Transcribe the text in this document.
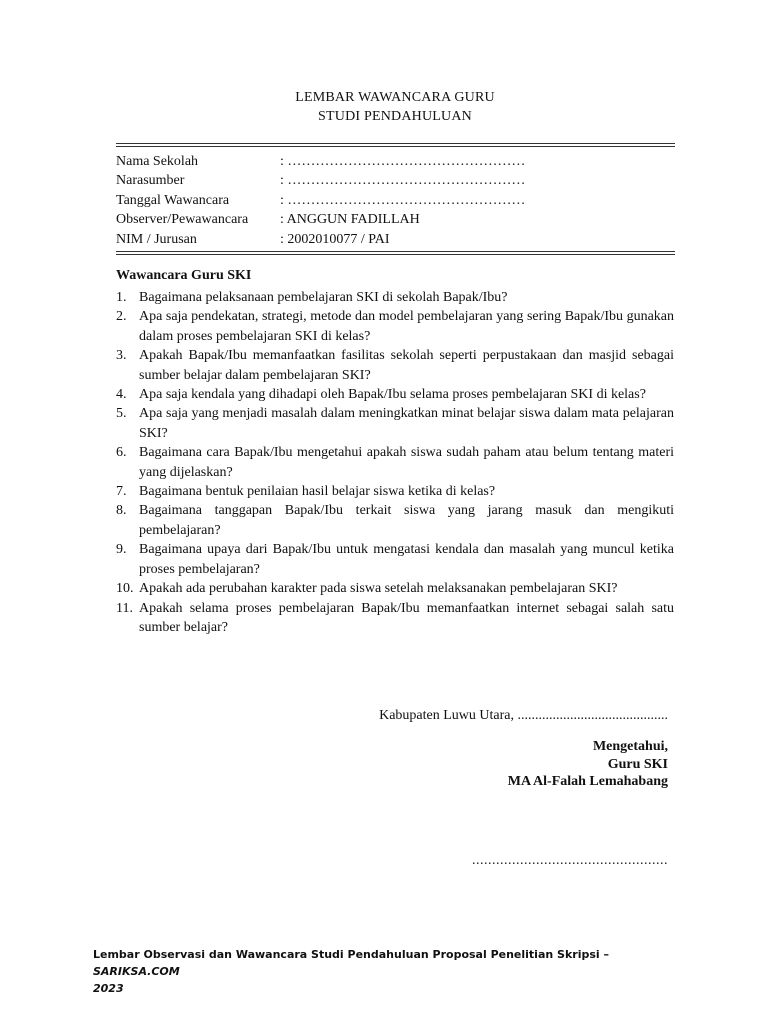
LEMBAR WAWANCARA GURU
STUDI PENDAHULUAN
Nama Sekolah	: ……………………………………………
Narasumber	: ……………………………………………
Tanggal Wawancara	: ……………………………………………
Observer/Pewawancara	: ANGGUN FADILLAH
NIM / Jurusan	: 2002010077 / PAI
Wawancara Guru SKI
1. Bagaimana pelaksanaan pembelajaran SKI di sekolah Bapak/Ibu?
2. Apa saja pendekatan, strategi, metode dan model pembelajaran yang sering Bapak/Ibu gunakan dalam proses pembelajaran SKI di kelas?
3. Apakah Bapak/Ibu memanfaatkan fasilitas sekolah seperti perpustakaan dan masjid sebagai sumber belajar dalam pembelajaran SKI?
4. Apa saja kendala yang dihadapi oleh Bapak/Ibu selama proses pembelajaran SKI di kelas?
5. Apa saja yang menjadi masalah dalam meningkatkan minat belajar siswa dalam mata pelajaran SKI?
6. Bagaimana cara Bapak/Ibu mengetahui apakah siswa sudah paham atau belum tentang materi yang dijelaskan?
7. Bagaimana bentuk penilaian hasil belajar siswa ketika di kelas?
8. Bagaimana tanggapan Bapak/Ibu terkait siswa yang jarang masuk dan mengikuti pembelajaran?
9. Bagaimana upaya dari Bapak/Ibu untuk mengatasi kendala dan masalah yang muncul ketika proses pembelajaran?
10. Apakah ada perubahan karakter pada siswa setelah melaksanakan pembelajaran SKI?
11. Apakah selama proses pembelajaran Bapak/Ibu memanfaatkan internet sebagai salah satu sumber belajar?
Kabupaten Luwu Utara, ...........................................
Mengetahui,
Guru SKI
MA Al-Falah Lemahabang
.................................................
Lembar Observasi dan Wawancara Studi Pendahuluan Proposal Penelitian Skripsi – SARIKSA.COM
2023
